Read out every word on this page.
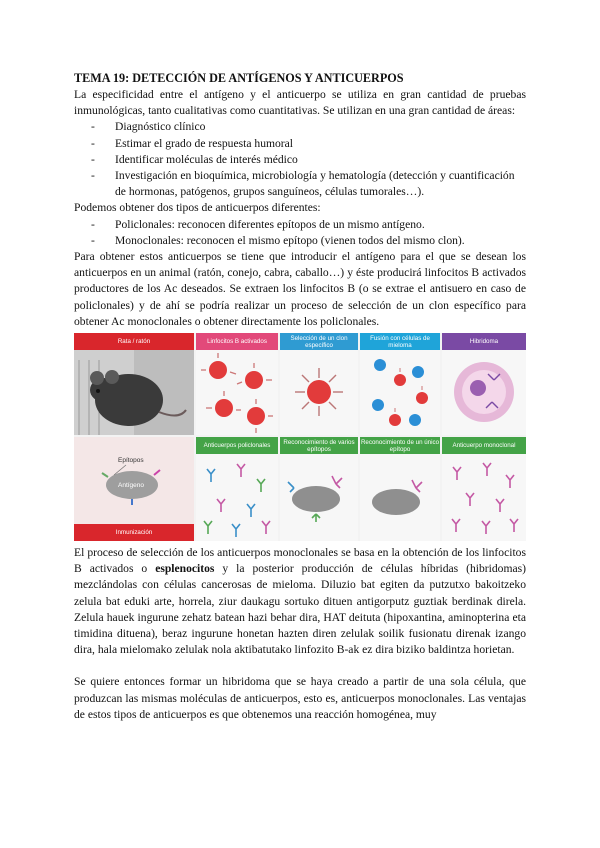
TEMA 19: DETECCIÓN DE ANTÍGENOS Y ANTICUERPOS

La especificidad entre el antígeno y el anticuerpo se utiliza en gran cantidad de pruebas inmunológicas, tanto cualitativas como cuantitativas. Se utilizan en una gran cantidad de áreas:

- Diagnóstico clínico
- Estimar el grado de respuesta humoral
- Identificar moléculas de interés médico
- Investigación en bioquímica, microbiología y hematología (detección y cuantificación de hormonas, patógenos, grupos sanguíneos, células tumorales…).

Podemos obtener dos tipos de anticuerpos diferentes:

- Policlonales: reconocen diferentes epítopos de un mismo antígeno.
- Monoclonales: reconocen el mismo epítopo (vienen todos del mismo clon).

Para obtener estos anticuerpos se tiene que introducir el antígeno para el que se desean los anticuerpos en un animal (ratón, conejo, cabra, caballo…) y éste producirá linfocitos B activados productores de los Ac deseados. Se extraen los linfocitos B (o se extrae el antisuero en caso de policlonales) y de ahí se podría realizar un proceso de selección de un clon específico para obtener Ac monoclonales o obtener directamente los policlonales.

Rata / ratón	Linfocitos B activados	Selección de un clon específico
Fusión con células de mieloma	Hibridoma
Epítopos
Antígeno
Inmunización
Anticuerpos policlonales	Reconocimiento de varios epítopos
Reconocimiento de un único epítopo	Anticuerpo monoclonal

El proceso de selección de los anticuerpos monoclonales se basa en la obtención de los linfocitos B activados o esplenocitos y la posterior producción de células híbridas (hibridomas) mezclándolas con células cancerosas de mieloma. Diluzio bat egiten da putzutxo bakoitzeko zelula bat eduki arte, horrela, ziur daukagu sortuko dituen antigorputz guztiak berdinak direla. Zelula hauek ingurune zehatz batean hazi behar dira, HAT deituta (hipoxantina, aminopterina eta timidina dituena), beraz ingurune honetan hazten diren zelulak soilik fusionatu direnak izango dira, hala mielomako zelulak nola aktibatutako linfozito B-ak ez dira biziko baldintza horietan.

Se quiere entonces formar un hibridoma que se haya creado a partir de una sola célula, que produzcan las mismas moléculas de anticuerpos, esto es, anticuerpos monoclonales. Las ventajas de estos tipos de anticuerpos es que obtenemos una reacción homogénea, muy
